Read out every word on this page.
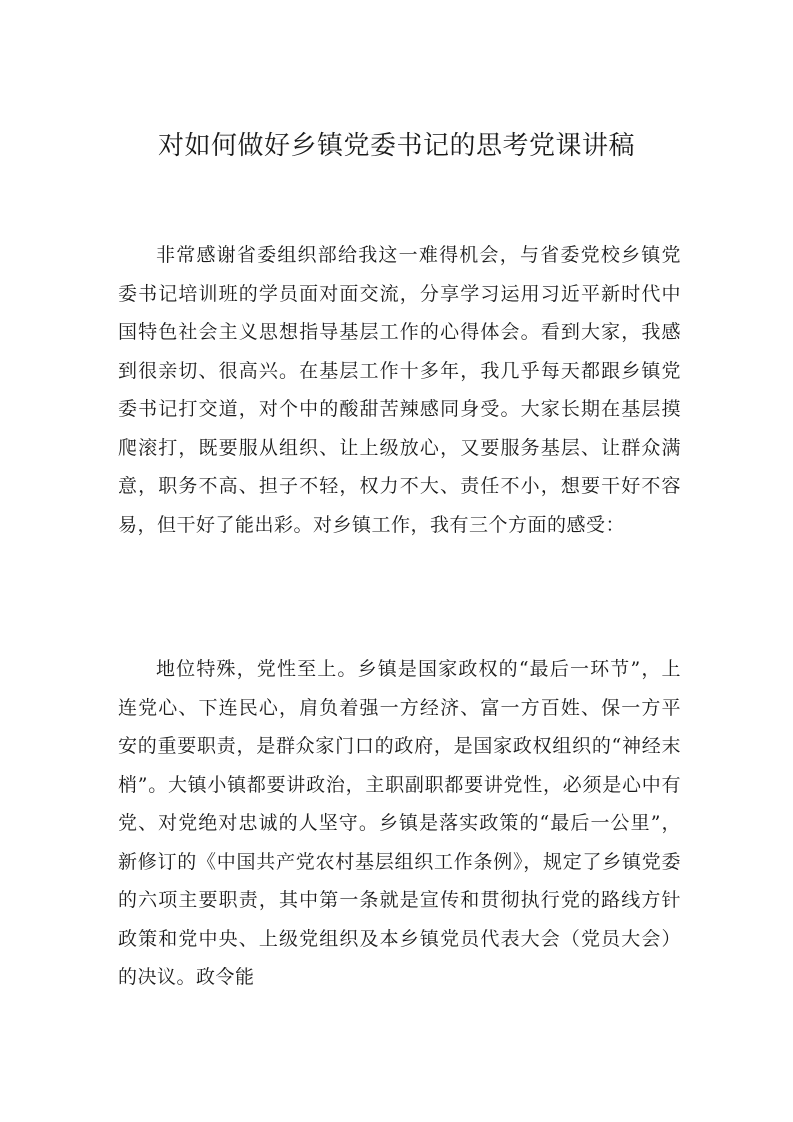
对如何做好乡镇党委书记的思考党课讲稿

非常感谢省委组织部给我这一难得机会，与省委党校乡镇党委书记培训班的学员面对面交流，分享学习运用习近平新时代中国特色社会主义思想指导基层工作的心得体会。看到大家，我感到很亲切、很高兴。在基层工作十多年，我几乎每天都跟乡镇党委书记打交道，对个中的酸甜苦辣感同身受。大家长期在基层摸爬滚打，既要服从组织、让上级放心，又要服务基层、让群众满意，职务不高、担子不轻，权力不大、责任不小，想要干好不容易，但干好了能出彩。对乡镇工作，我有三个方面的感受：

地位特殊，党性至上。乡镇是国家政权的“最后一环节”，上连党心、下连民心，肩负着强一方经济、富一方百姓、保一方平安的重要职责，是群众家门口的政府，是国家政权组织的“神经末梢”。大镇小镇都要讲政治，主职副职都要讲党性，必须是心中有党、对党绝对忠诚的人坚守。乡镇是落实政策的“最后一公里”，新修订的《中国共产党农村基层组织工作条例》，规定了乡镇党委的六项主要职责，其中第一条就是宣传和贯彻执行党的路线方针政策和党中央、上级党组织及本乡镇党员代表大会（党员大会）的决议。政令能
